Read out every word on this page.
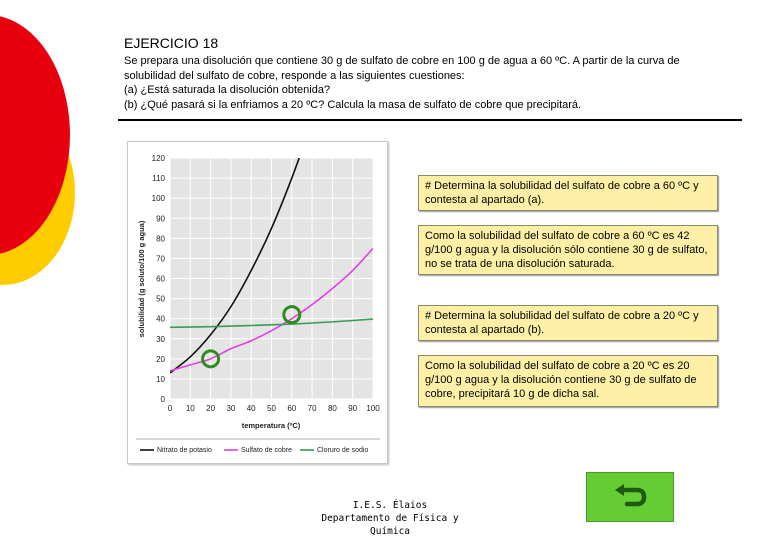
EJERCICIO 18
Se prepara una disolución que contiene 30 g de sulfato de cobre en 100 g de agua a 60 ºC. A partir de la curva de
solubilidad del sulfato de cobre, responde a las siguientes cuestiones:
(a) ¿Está saturada la disolución obtenida?
(b) ¿Qué pasará si la enfriamos a 20 ºC? Calcula la masa de sulfato de cobre que precipitará.
0
10
20
30
40
50
60
70
80
90
100
110
120
0 10 20 30 40 50 60 70 80 90 100
temperatura (ºC)
solubilidad (g soluto/100 g agua)
Nitrato de potasio	Sulfato de cobre	Cloruro de sodio
# Determina la solubilidad del sulfato de cobre a 60 ºC y contesta al apartado (a).
Como la solubilidad del sulfato de cobre a 60 ºC es 42 g/100 g agua y la disolución sólo contiene 30 g de sulfato, no se trata de una disolución saturada.
# Determina la solubilidad del sulfato de cobre a 20 ºC y contesta al apartado (b).
Como la solubilidad del sulfato de cobre a 20 ºC es 20 g/100 g agua y la disolución contiene 30 g de sulfato de cobre, precipitará 10 g de dicha sal.
I.E.S. Élaios
Departamento de Física y Química
